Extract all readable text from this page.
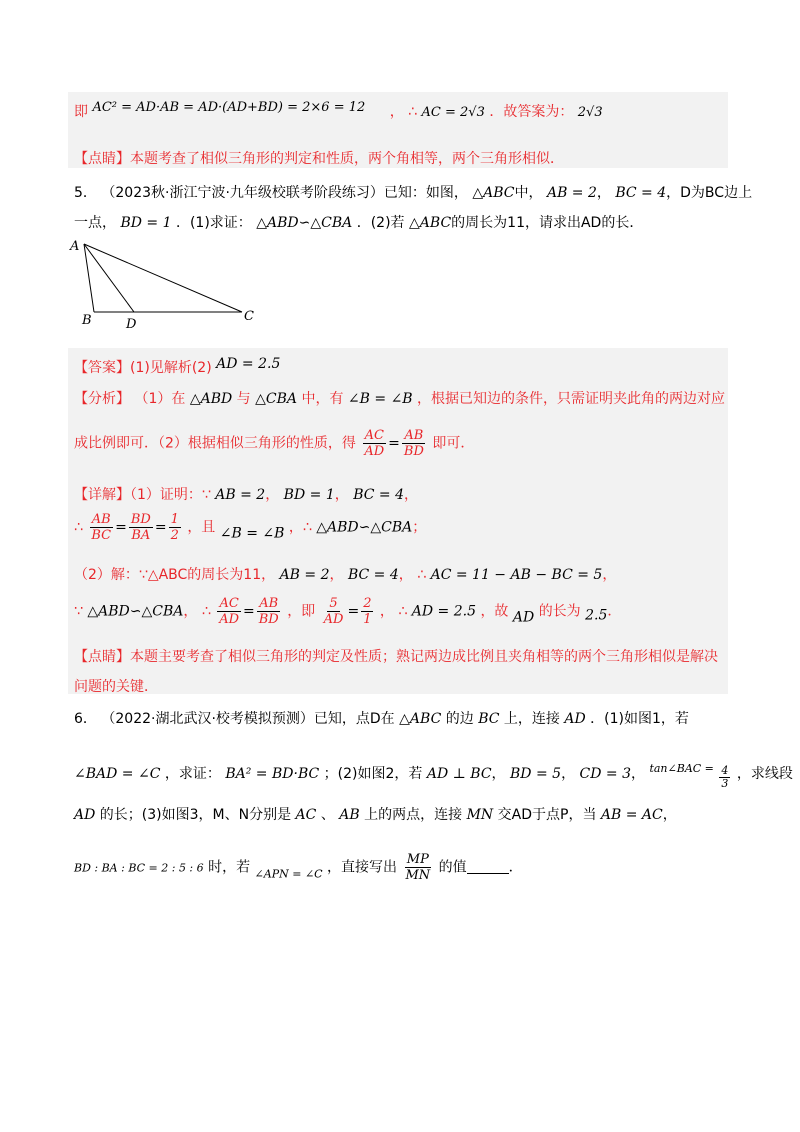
即 AC² = AD·AB = AD·(AD+BD) = 2×6 = 12 ， ∴ AC = 2√3 ．故答案为： 2√3
【点睛】本题考查了相似三角形的判定和性质，两个角相等，两个三角形相似．
5． （2023秋·浙江宁波·九年级校联考阶段练习）已知：如图， △ABC中， AB = 2， BC = 4，D为BC边上
一点， BD = 1 ．(1)求证： △ABD∽△CBA ．(2)若 △ABC的周长为11，请求出AD的长．
A
B	D
C
【答案】(1)见解析(2) AD = 2.5
【分析】 （1）在 △ABD 与 △CBA 中，有 ∠B = ∠B ，根据已知边的条件，只需证明夹此角的两边对应
成比例即可．（2）根据相似三角形的性质，得 $\frac{AC}{AD} = \frac{AB}{BD}$ 即可．
【详解】（1）证明：∵ AB = 2， BD = 1， BC = 4，
∴ $\frac{AB}{BC} = \frac{BD}{BA} = \frac{1}{2}$ ，且 ∠B = ∠B ，∴ △ABD∽△CBA；
（2）解：∵△ABC的周长为11， AB = 2， BC = 4， ∴ AC = 11 − AB − BC = 5，
∵ △ABD∽△CBA， ∴ $\frac{AC}{AD} = \frac{AB}{BD}$ ，即 $\frac{5}{AD} = \frac{2}{1}$ ， ∴ AD = 2.5 ，故 AD 的长为 2.5．
【点睛】本题主要考查了相似三角形的判定及性质；熟记两边成比例且夹角相等的两个三角形相似是解决
问题的关键．
6． （2022·湖北武汉·校考模拟预测）已知，点D在 △ABC 的边 BC 上，连接 AD ．(1)如图1，若
∠BAD = ∠C ，求证： BA² = BD·BC ；(2)如图2，若 AD ⊥ BC， BD = 5， CD = 3， $^{tan\angle BAC =} \frac{4}{3}$ ，求线段
AD 的长；(3)如图3，M、N分别是 AC 、 AB 上的两点，连接 MN 交AD于点P，当 AB = AC，
BD : BA : BC = 2 : 5 : 6 时，若 $_{\angle APN = \angle C}$ ，直接写出 $\frac{MP}{MN}$ 的值	．
